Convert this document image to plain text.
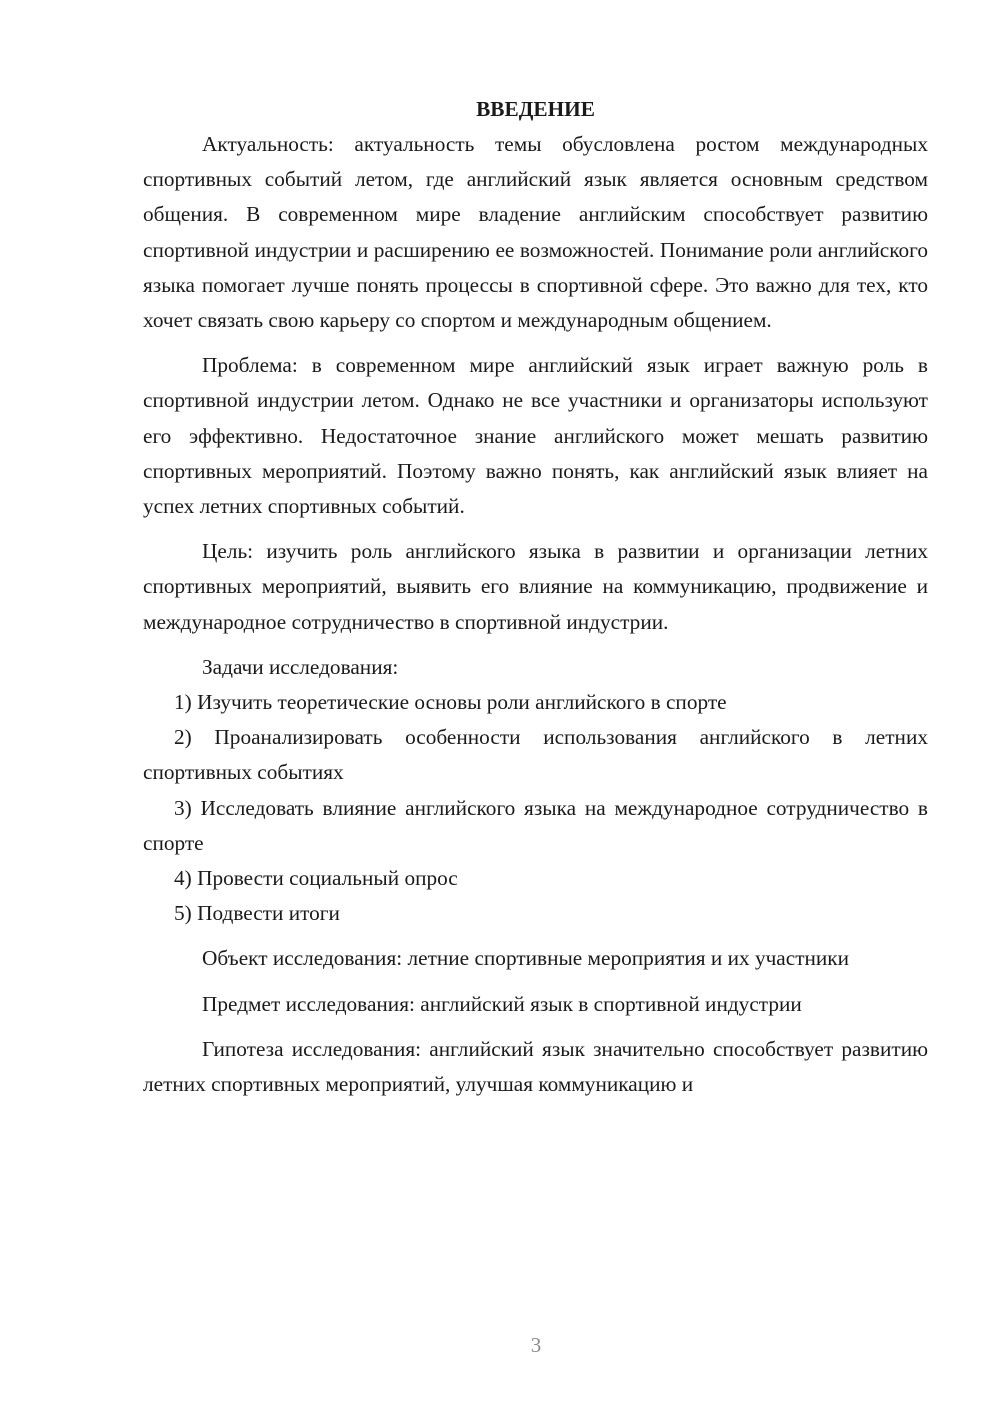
ВВЕДЕНИЕ

Актуальность: актуальность темы обусловлена ростом международных спортивных событий летом, где английский язык является основным средством общения. В современном мире владение английским способствует развитию спортивной индустрии и расширению ее возможностей. Понимание роли английского языка помогает лучше понять процессы в спортивной сфере. Это важно для тех, кто хочет связать свою карьеру со спортом и международным общением.

Проблема: в современном мире английский язык играет важную роль в спортивной индустрии летом. Однако не все участники и организаторы используют его эффективно. Недостаточное знание английского может мешать развитию спортивных мероприятий. Поэтому важно понять, как английский язык влияет на успех летних спортивных событий.

Цель: изучить роль английского языка в развитии и организации летних спортивных мероприятий, выявить его влияние на коммуникацию, продвижение и международное сотрудничество в спортивной индустрии.

Задачи исследования:

1) Изучить теоретические основы роли английского в спорте

2) Проанализировать особенности использования английского в летних спортивных событиях

3) Исследовать влияние английского языка на международное сотрудничество в спорте

4) Провести социальный опрос

5) Подвести итоги

Объект исследования: летние спортивные мероприятия и их участники

Предмет исследования: английский язык в спортивной индустрии

Гипотеза исследования: английский язык значительно способствует развитию летних спортивных мероприятий, улучшая коммуникацию и

3
